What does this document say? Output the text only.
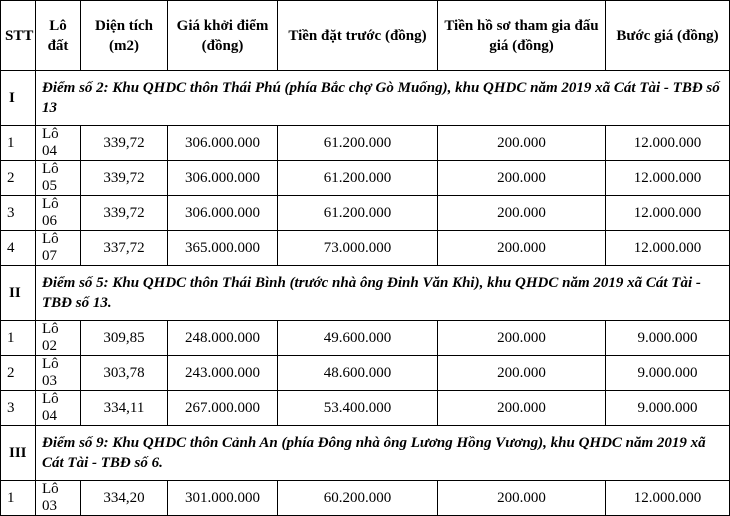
STT	Lô đất	Diện tích (m2)	Giá khởi điểm (đồng)	Tiền đặt trước (đồng)	Tiền hồ sơ tham gia đấu giá (đồng)	Bước giá (đồng)
I	Điểm số 2: Khu QHDC thôn Thái Phú (phía Bắc chợ Gò Muống), khu QHDC năm 2019 xã Cát Tài - TBĐ số 13					
1	Lô 04	339,72	306.000.000	61.200.000	200.000	12.000.000
2	Lô 05	339,72	306.000.000	61.200.000	200.000	12.000.000
3	Lô 06	339,72	306.000.000	61.200.000	200.000	12.000.000
4	Lô 07	337,72	365.000.000	73.000.000	200.000	12.000.000
II	Điểm số 5: Khu QHDC thôn Thái Bình (trước nhà ông Đinh Văn Khi), khu QHDC năm 2019 xã Cát Tài - TBĐ số 13.					
1	Lô 02	309,85	248.000.000	49.600.000	200.000	9.000.000
2	Lô 03	303,78	243.000.000	48.600.000	200.000	9.000.000
3	Lô 04	334,11	267.000.000	53.400.000	200.000	9.000.000
III	Điểm số 9: Khu QHDC thôn Cảnh An (phía Đông nhà ông Lương Hồng Vương), khu QHDC năm 2019 xã Cát Tài - TBĐ số 6.					
1	Lô 03	334,20	301.000.000	60.200.000	200.000	12.000.000
